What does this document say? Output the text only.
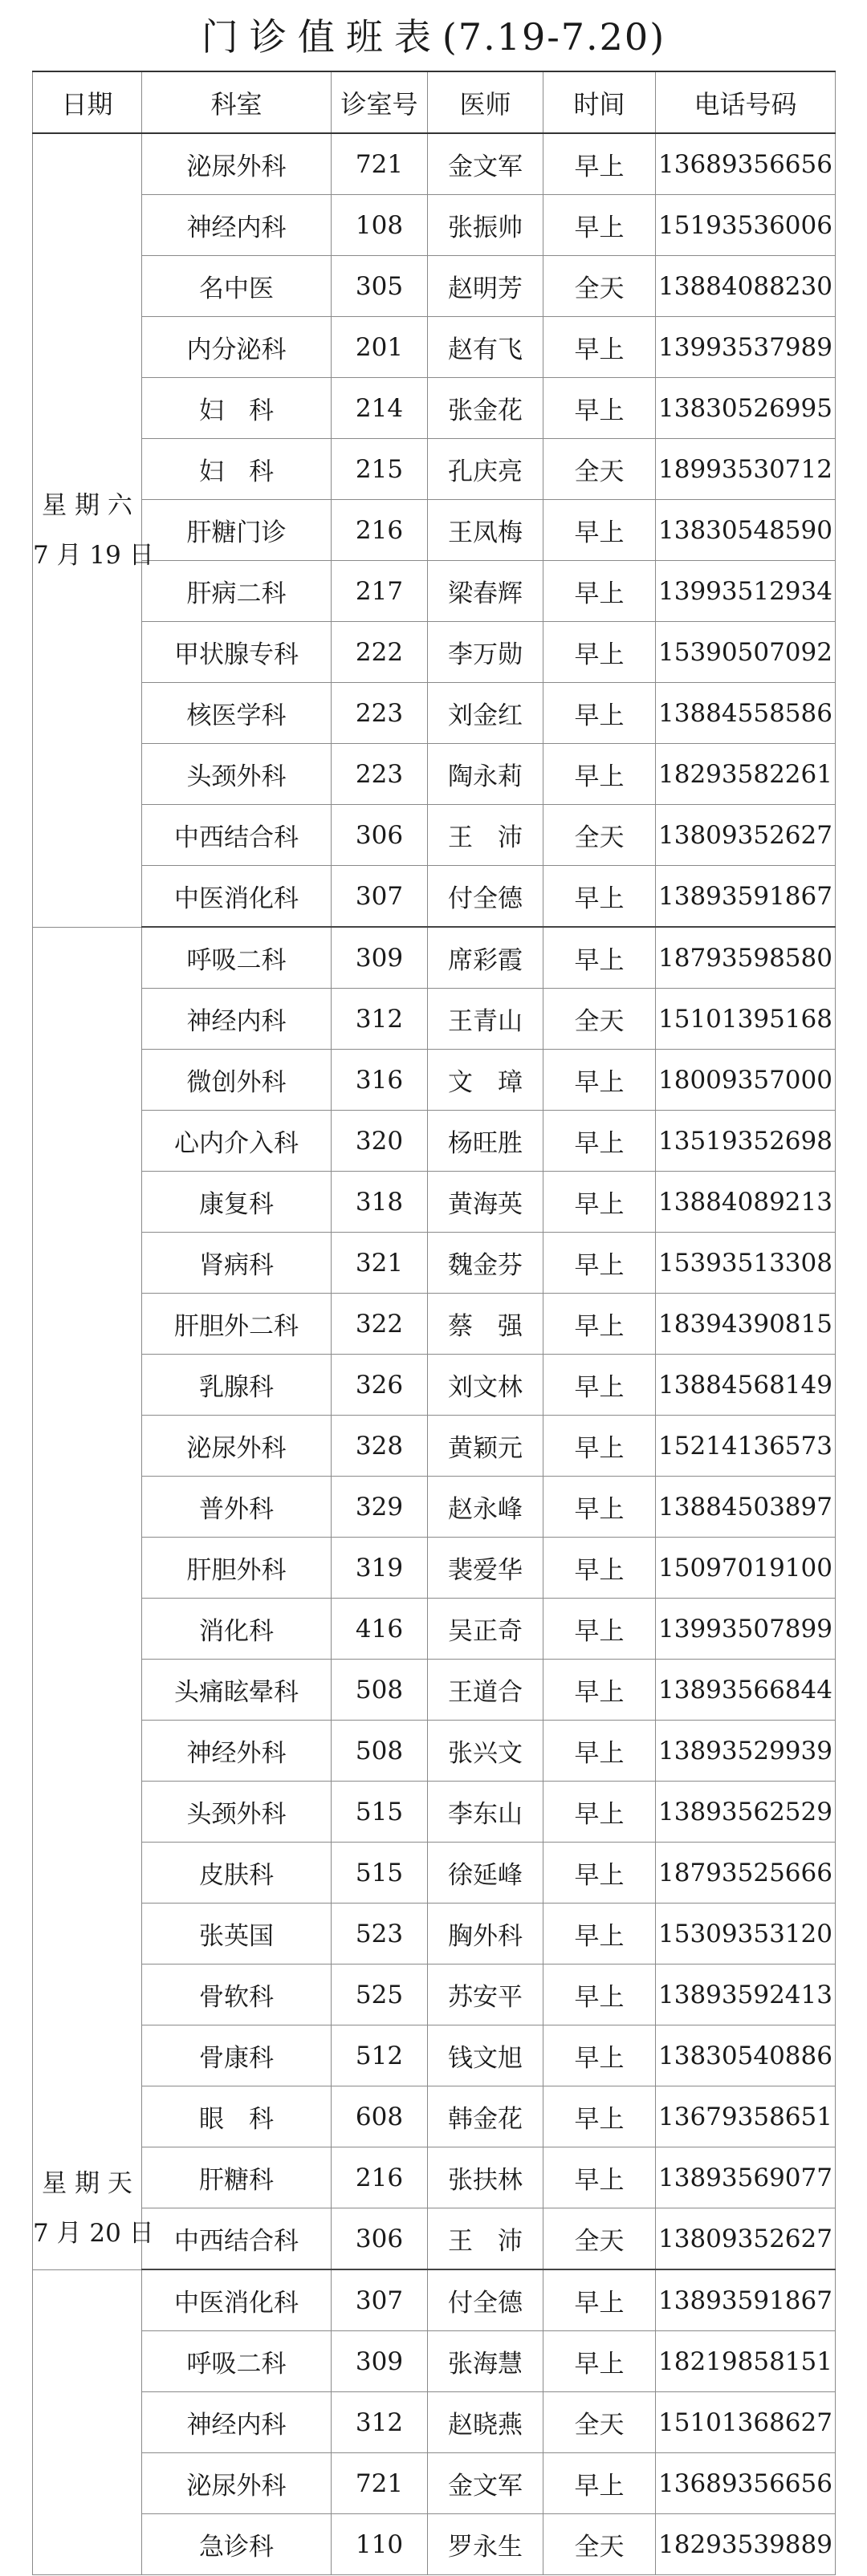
门诊值班表(7.19-7.20)
日期	科室	诊室号	医师	时间	电话号码

星 期 六
7 月 19 日	泌尿外科	721	金文军	早上	13689356656
	神经内科	108	张振帅	早上	15193536006
	名中医	305	赵明芳	全天	13884088230
	内分泌科	201	赵有飞	早上	13993537989
	妇　科	214	张金花	早上	13830526995
	妇　科	215	孔庆亮	全天	18993530712
	肝糖门诊	216	王凤梅	早上	13830548590
	肝病二科	217	梁春辉	早上	13993512934
	甲状腺专科	222	李万勋	早上	15390507092
	核医学科	223	刘金红	早上	13884558586
	头颈外科	223	陶永莉	早上	18293582261
	中西结合科	306	王　沛	全天	13809352627
	中医消化科	307	付全德	早上	13893591867

星 期 天
7 月 20 日	呼吸二科	309	席彩霞	早上	18793598580
	神经内科	312	王青山	全天	15101395168
	微创外科	316	文　璋	早上	18009357000
	心内介入科	320	杨旺胜	早上	13519352698
	康复科	318	黄海英	早上	13884089213
	肾病科	321	魏金芬	早上	15393513308
	肝胆外二科	322	蔡　强	早上	18394390815
	乳腺科	326	刘文林	早上	13884568149
	泌尿外科	328	黄颖元	早上	15214136573
	普外科	329	赵永峰	早上	13884503897
	肝胆外科	319	裴爱华	早上	15097019100
	消化科	416	吴正奇	早上	13993507899
	头痛眩晕科	508	王道合	早上	13893566844
	神经外科	508	张兴文	早上	13893529939
	头颈外科	515	李东山	早上	13893562529
	皮肤科	515	徐延峰	早上	18793525666
	张英国	523	胸外科	早上	15309353120
	骨软科	525	苏安平	早上	13893592413
	骨康科	512	钱文旭	早上	13830540886
	眼　科	608	韩金花	早上	13679358651
	肝糖科	216	张扶林	早上	13893569077
	中西结合科	306	王　沛	全天	13809352627
	中医消化科	307	付全德	早上	13893591867
	呼吸二科	309	张海慧	早上	18219858151
	神经内科	312	赵晓燕	全天	15101368627
	泌尿外科	721	金文军	早上	13689356656
	急诊科	110	罗永生	全天	18293539889
